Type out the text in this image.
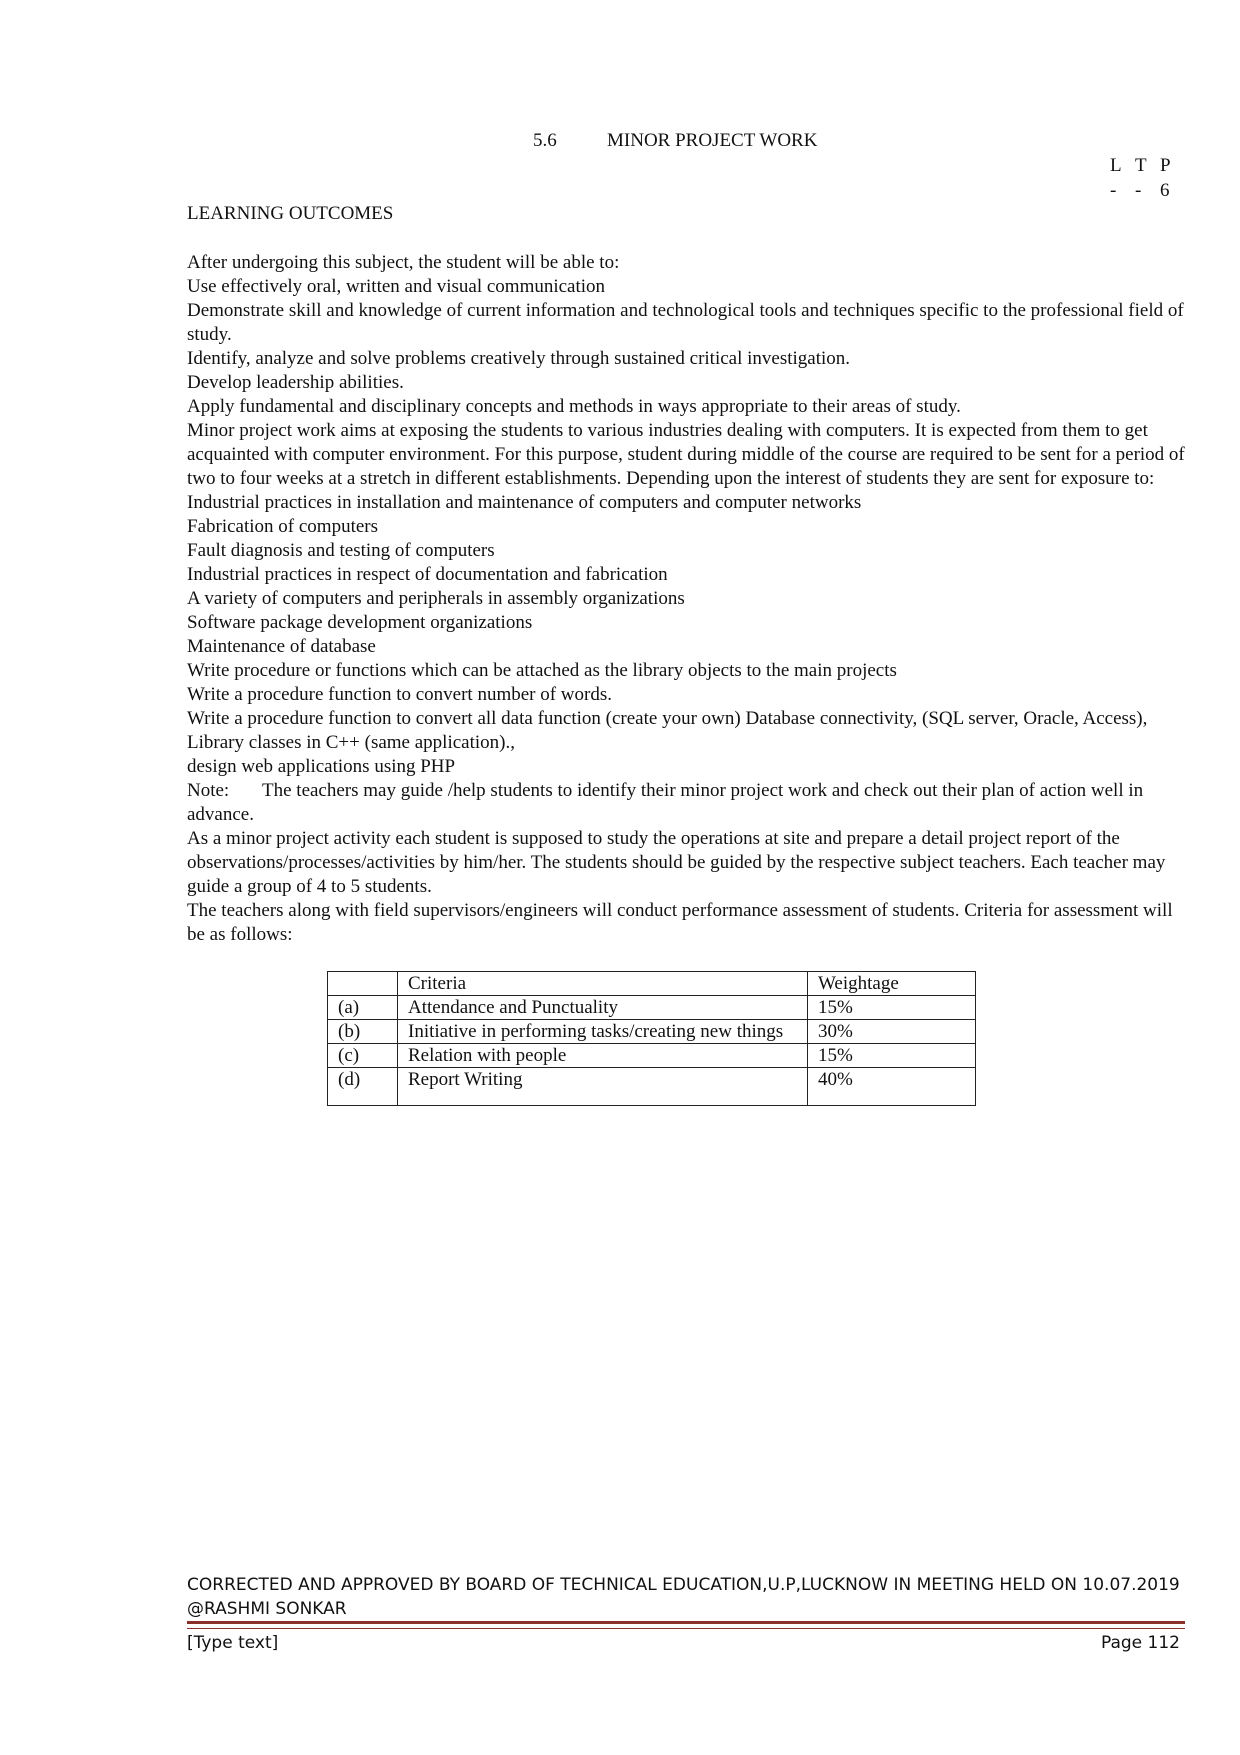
5.6	MINOR PROJECT WORK
L T P
- - 6
LEARNING OUTCOMES

After undergoing this subject, the student will be able to:

Use effectively oral, written and visual communication

Demonstrate skill and knowledge of current information and technological tools and techniques specific to the professional field of study.

Identify, analyze and solve problems creatively through sustained critical investigation.

Develop leadership abilities.

Apply fundamental and disciplinary concepts and methods in ways appropriate to their areas of study.

Minor project work aims at exposing the students to various industries dealing with computers. It is expected from them to get acquainted with computer environment. For this purpose, student during middle of the course are required to be sent for a period of two to four weeks at a stretch in different establishments. Depending upon the interest of students they are sent for exposure to:

Industrial practices in installation and maintenance of computers and computer networks

Fabrication of computers

Fault diagnosis and testing of computers

Industrial practices in respect of documentation and fabrication

A variety of computers and peripherals in assembly organizations

Software package development organizations

Maintenance of database

Write procedure or functions which can be attached as the library objects to the main projects

Write a procedure function to convert number of words.

Write a procedure function to convert all data function (create your own) Database connectivity, (SQL server, Oracle, Access), Library classes in C++ (same application).,

design web applications using PHP

Note: The teachers may guide /help students to identify their minor project work and check out their plan of action well in advance.

As a minor project activity each student is supposed to study the operations at site and prepare a detail project report of the observations/processes/activities by him/her. The students should be guided by the respective subject teachers. Each teacher may guide a group of 4 to 5 students.

The teachers along with field supervisors/engineers will conduct performance assessment of students. Criteria for assessment will be as follows:

	Criteria	Weightage
(a)	Attendance and Punctuality	15%
(b)	Initiative in performing tasks/creating new things	30%
(c)	Relation with people	15%
(d)	Report Writing	40%
CORRECTED AND APPROVED BY BOARD OF TECHNICAL EDUCATION,U.P,LUCKNOW IN MEETING HELD ON 10.07.2019 @RASHMI SONKAR
[Type text]	Page 112
